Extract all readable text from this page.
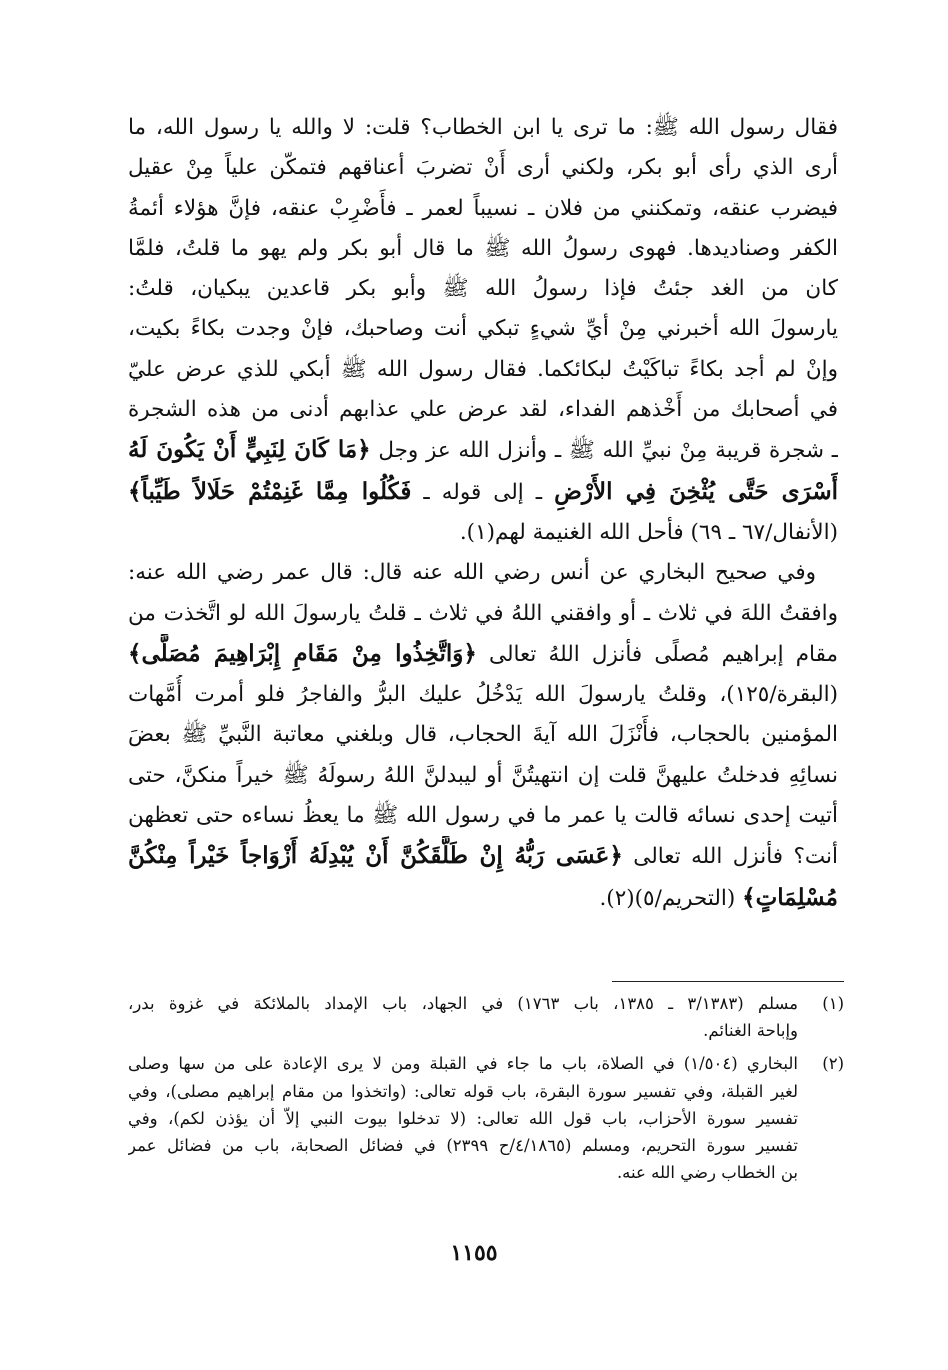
فقال رسول الله ﷺ: ما ترى يا ابن الخطاب؟ قلت: لا والله يا رسول الله، ما
أرى الذي رأى أبو بكر، ولكني أرى أَنْ تضربَ أعناقهم فتمكّن علياً مِنْ عقيل
فيضرب عنقه، وتمكنني من فلان ـ نسيباً لعمر ـ فأَضْرِبْ عنقه، فإنَّ هؤلاء أئمةُ
الكفر وصناديدها. فهوى رسولُ الله ﷺ ما قال أبو بكر ولم يهو ما قلتُ، فلمَّا
كان من الغد جئتُ فإذا رسولُ الله ﷺ وأبو بكر قاعدين يبكيان، قلتُ:
يارسولَ الله أخبرني مِنْ أيِّ شيءٍ تبكي أنت وصاحبك، فإنْ وجدت بكاءً بكيت،
وإنْ لم أجد بكاءً تباكَيْتُ لبكائكما. فقال رسول الله ﷺ أبكي للذي عرض عليّ
في أصحابك من أَخْذهم الفداء، لقد عرض علي عذابهم أدنى من هذه الشجرة
ـ شجرة قريبة مِنْ نبيِّ الله ﷺ ـ وأنزل الله عز وجل ﴿مَا كَانَ لِنَبِيٍّ أَنْ يَكُونَ لَهُ
أَسْرَى حَتَّى يُثْخِنَ فِي الأَرْضِ ـ إلى قوله ـ فَكُلُوا مِمَّا غَنِمْتُمْ حَلَالاً طَيِّباً﴾
(الأنفال/٦٧ ـ ٦٩) فأحل الله الغنيمة لهم(١).
وفي صحيح البخاري عن أنس رضي الله عنه قال: قال عمر رضي الله عنه:
وافقتُ اللهَ في ثلاث ـ أو وافقني اللهُ في ثلاث ـ قلتُ يارسولَ الله لو اتَّخذت من
مقام إبراهيم مُصلًى فأنزل اللهُ تعالى ﴿وَاتَّخِذُوا مِنْ مَقَامِ إِبْرَاهِيمَ مُصَلًّى﴾
(البقرة/١٢٥)، وقلتُ يارسولَ الله يَدْخُلُ عليك البرُّ والفاجرُ فلو أمرت أُمَّهات
المؤمنين بالحجاب، فأَنْزَلَ الله آيةَ الحجاب، قال وبلغني معاتبة النَّبيِّ ﷺ بعضَ
نسائِهِ فدخلتُ عليهنَّ قلت إن انتهيتُنَّ أو ليبدلنَّ اللهُ رسولَهُ ﷺ خيراً منكنَّ، حتى
أتيت إحدى نسائه قالت يا عمر ما في رسول الله ﷺ ما يعظُ نساءه حتى تعظهن
أنت؟ فأنزل الله تعالى ﴿عَسَى رَبُّهُ إِنْ طَلَّقَكُنَّ أَنْ يُبْدِلَهُ أَزْوَاجاً خَيْراً مِنْكُنَّ
مُسْلِمَاتٍ﴾ (التحريم/٥)(٢).
(١)
مسلم (٣/١٣٨٣ ـ ١٣٨٥، باب ١٧٦٣) في الجهاد، باب الإمداد بالملائكة في غزوة بدر،
وإباحة الغنائم.
(٢)
البخاري (١/٥٠٤) في الصلاة، باب ما جاء في القبلة ومن لا يرى الإعادة على من سها وصلى
لغير القبلة، وفي تفسير سورة البقرة، باب قوله تعالى: (واتخذوا من مقام إبراهيم مصلى)، وفي
تفسير سورة الأحزاب، باب قول الله تعالى: (لا تدخلوا بيوت النبي إلاّ أن يؤذن لكم)، وفي
تفسير سورة التحريم، ومسلم (٤/١٨٦٥/ح ٢٣٩٩) في فضائل الصحابة، باب من فضائل عمر
بن الخطاب رضي الله عنه.
١١٥٥
